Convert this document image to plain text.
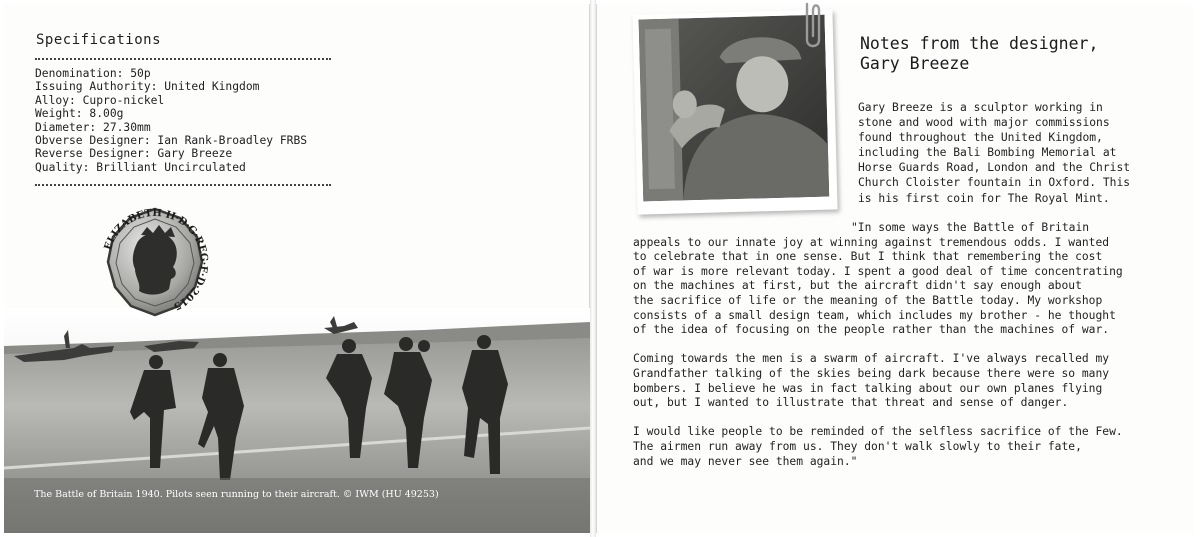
Specifications
Denomination: 50p
Issuing Authority: United Kingdom
Alloy: Cupro-nickel
Weight: 8.00g
Diameter: 27.30mm
Obverse Designer: Ian Rank-Broadley FRBS
Reverse Designer: Gary Breeze
Quality: Brilliant Uncirculated
ELIZABETH II·D·G·REG·F·D·2015
The Battle of Britain 1940. Pilots seen running to their aircraft. © IWM (HU 49253)
Notes from the designer,
Gary Breeze
Gary Breeze is a sculptor working in
stone and wood with major commissions
found throughout the United Kingdom,
including the Bali Bombing Memorial at
Horse Guards Road, London and the Christ
Church Cloister fountain in Oxford. This
is his first coin for The Royal Mint.
"In some ways the Battle of Britain
appeals to our innate joy at winning against tremendous odds. I wanted
to celebrate that in one sense. But I think that remembering the cost
of war is more relevant today. I spent a good deal of time concentrating
on the machines at first, but the aircraft didn't say enough about
the sacrifice of life or the meaning of the Battle today. My workshop
consists of a small design team, which includes my brother - he thought
of the idea of focusing on the people rather than the machines of war.
Coming towards the men is a swarm of aircraft. I've always recalled my
Grandfather talking of the skies being dark because there were so many
bombers. I believe he was in fact talking about our own planes flying
out, but I wanted to illustrate that threat and sense of danger.
I would like people to be reminded of the selfless sacrifice of the Few.
The airmen run away from us. They don't walk slowly to their fate,
and we may never see them again."
